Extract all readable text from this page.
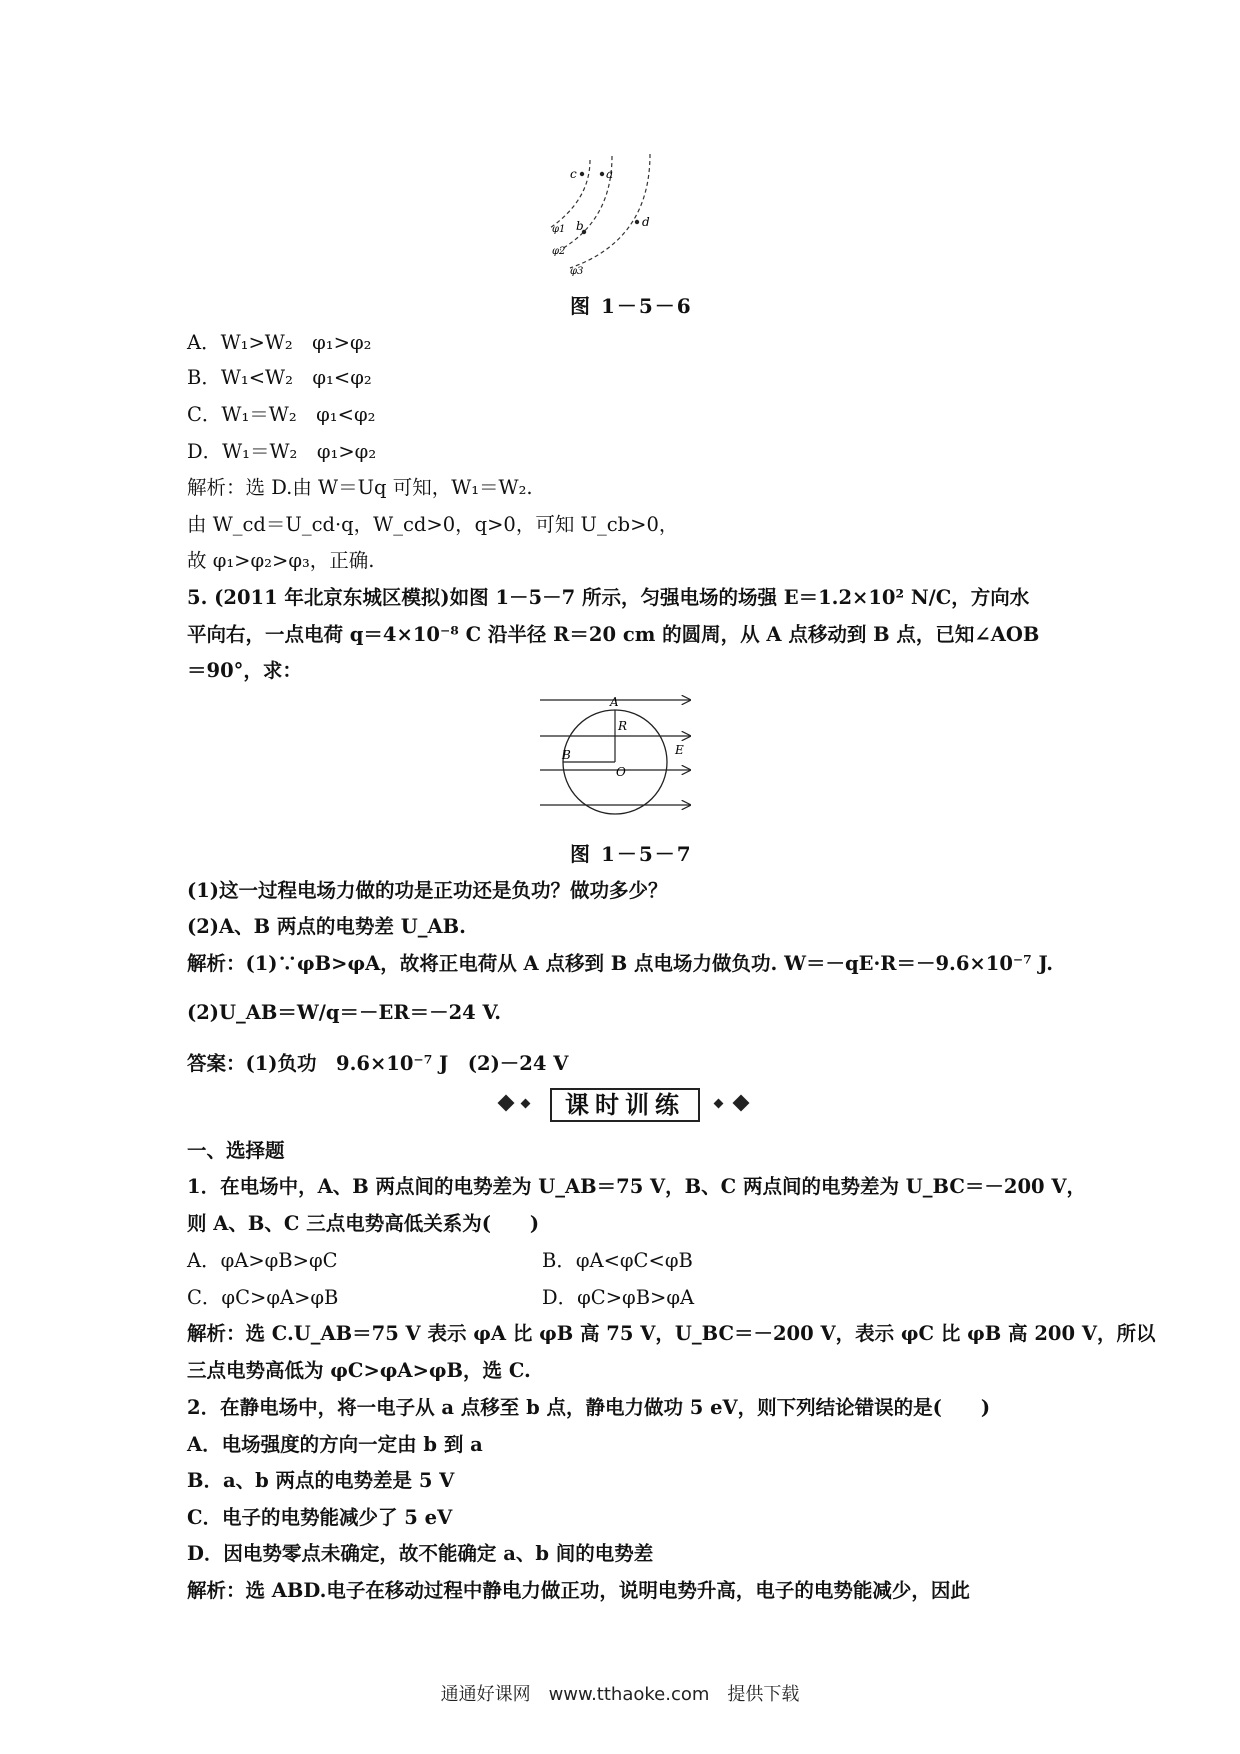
c a
b	d
φ1
φ2
φ3
图 1－5－6
A．W₁>W₂　φ₁>φ₂
B．W₁<W₂　φ₁<φ₂
C．W₁＝W₂　φ₁<φ₂
D．W₁＝W₂　φ₁>φ₂
解析：选 D.由 W＝Uq 可知，W₁＝W₂.
由 W_cd＝U_cd·q，W_cd>0，q>0，可知 U_cb>0，
故 φ₁>φ₂>φ₃，正确.
5. (2011 年北京东城区模拟)如图 1－5－7 所示，匀强电场的场强 E＝1.2×10² N/C，方向水
平向右，一点电荷 q＝4×10⁻⁸ C 沿半径 R＝20 cm 的圆周，从 A 点移动到 B 点，已知∠AOB
＝90°，求：
A
R
B
O
E
图 1－5－7
(1)这一过程电场力做的功是正功还是负功？做功多少？
(2)A、B 两点的电势差 U_AB.
解析：(1)∵φB>φA，故将正电荷从 A 点移到 B 点电场力做负功. W＝－qE·R＝－9.6×10⁻⁷ J.
(2)U_AB＝W/q＝－ER＝－24 V.
答案：(1)负功　9.6×10⁻⁷ J　(2)－24 V
课时训练
一、选择题
1．在电场中，A、B 两点间的电势差为 U_AB＝75 V，B、C 两点间的电势差为 U_BC＝－200 V，
则 A、B、C 三点电势高低关系为(　　)
A．φA>φB>φC	B．φA<φC<φB
C．φC>φA>φB	D．φC>φB>φA
解析：选 C.U_AB＝75 V 表示 φA 比 φB 高 75 V，U_BC＝－200 V，表示 φC 比 φB 高 200 V，所以
三点电势高低为 φC>φA>φB，选 C.
2．在静电场中，将一电子从 a 点移至 b 点，静电力做功 5 eV，则下列结论错误的是(　　)
A．电场强度的方向一定由 b 到 a
B．a、b 两点的电势差是 5 V
C．电子的电势能减少了 5 eV
D．因电势零点未确定，故不能确定 a、b 间的电势差
解析：选 ABD.电子在移动过程中静电力做正功，说明电势升高，电子的电势能减少，因此
通通好课网　www.tthaoke.com　提供下载
